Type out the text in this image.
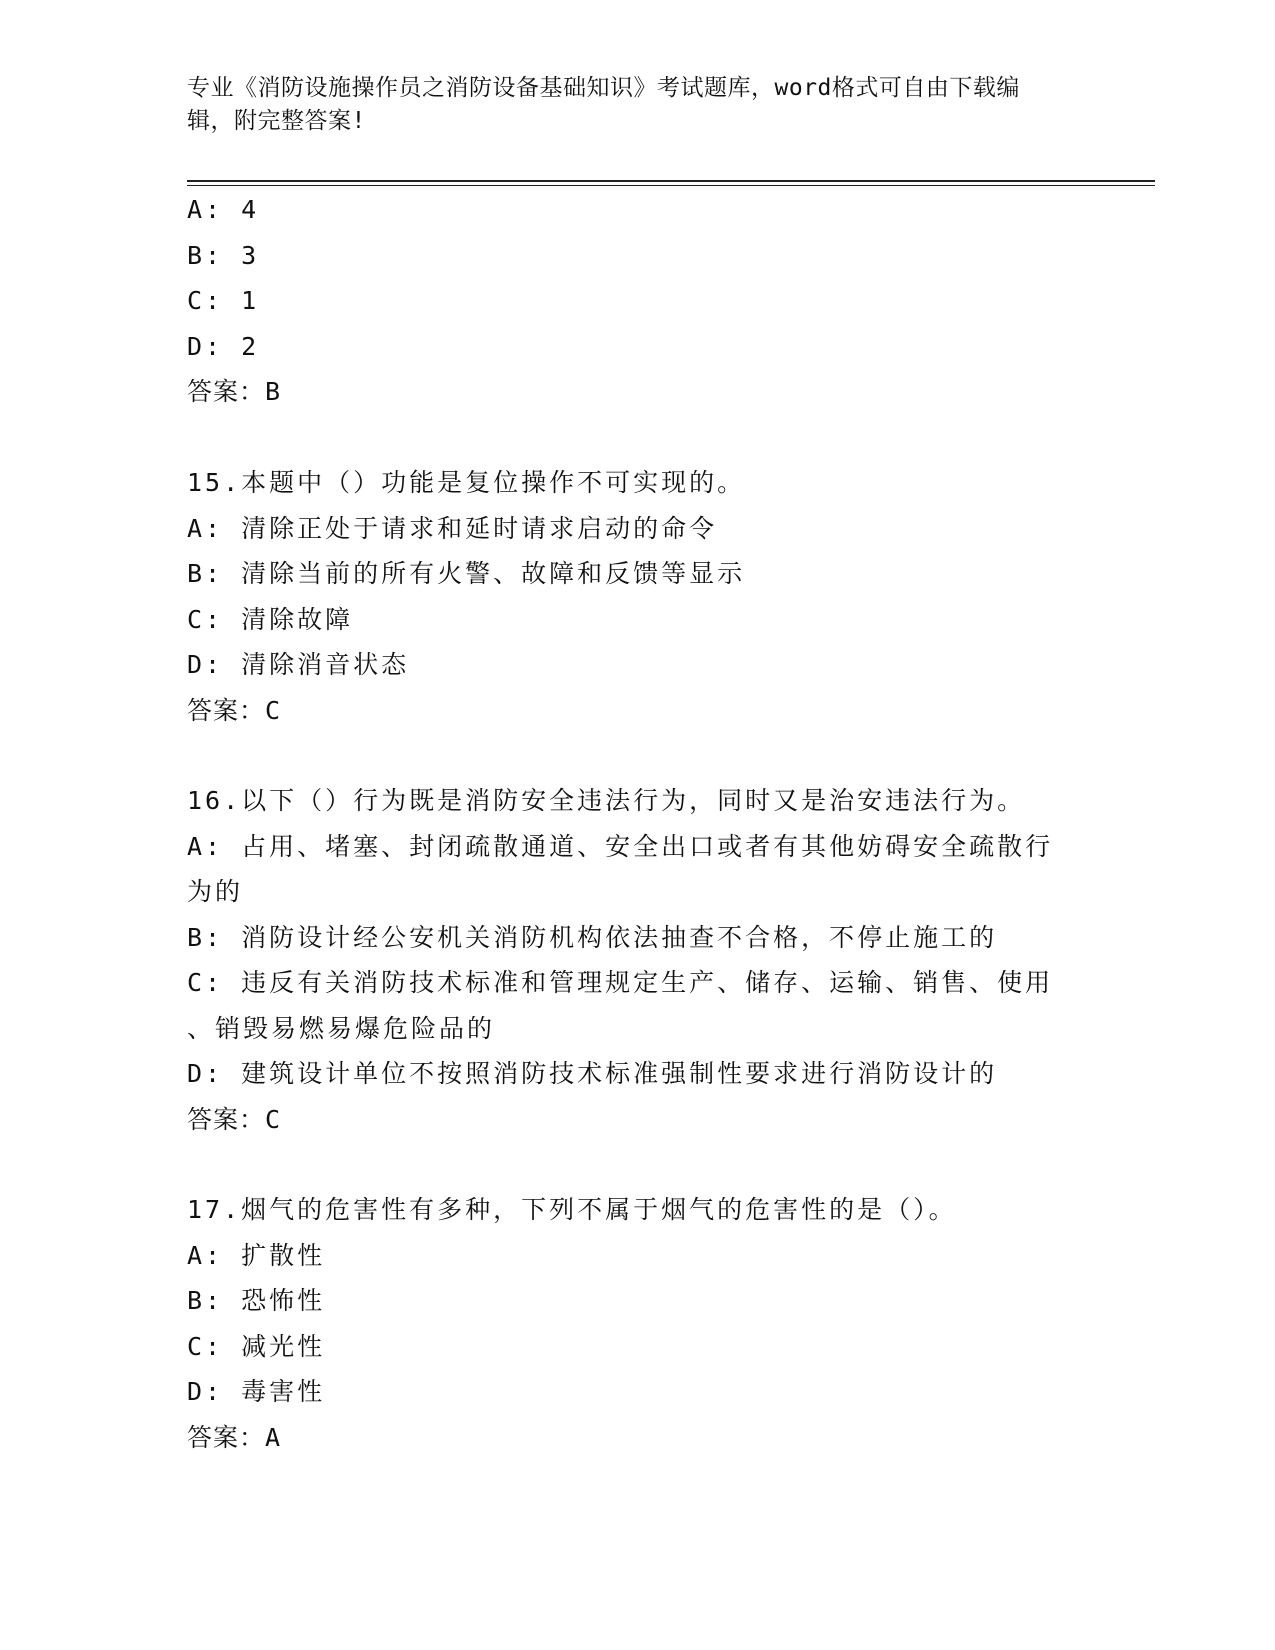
专业《消防设施操作员之消防设备基础知识》考试题库，word格式可自由下载编
辑，附完整答案!
A: 4
B: 3
C: 1
D: 2
答案：B
15.本题中（）功能是复位操作不可实现的。
A: 清除正处于请求和延时请求启动的命令
B: 清除当前的所有火警、故障和反馈等显示
C: 清除故障
D: 清除消音状态
答案：C
16.以下（）行为既是消防安全违法行为，同时又是治安违法行为。
A: 占用、堵塞、封闭疏散通道、安全出口或者有其他妨碍安全疏散行
为的
B: 消防设计经公安机关消防机构依法抽查不合格，不停止施工的
C: 违反有关消防技术标准和管理规定生产、储存、运输、销售、使用
、销毁易燃易爆危险品的
D: 建筑设计单位不按照消防技术标准强制性要求进行消防设计的
答案：C
17.烟气的危害性有多种，下列不属于烟气的危害性的是（）。
A: 扩散性
B: 恐怖性
C: 减光性
D: 毒害性
答案：A
